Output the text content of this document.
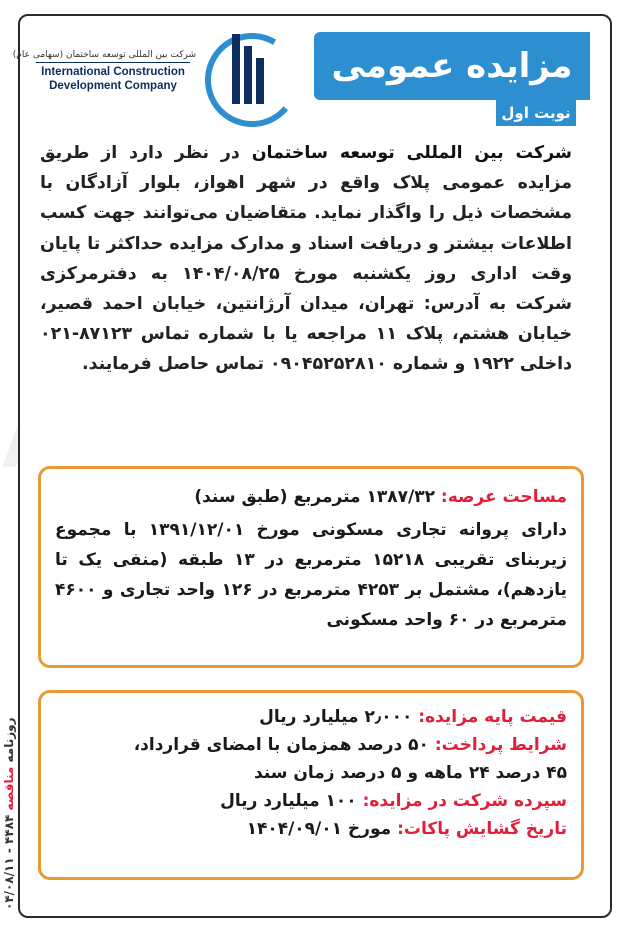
مزایده عمومی
نوبت اول
شرکت بین المللی توسعه ساختمان (سهامی عام)
International Construction
Development Company
شرکت بین المللی توسعه ساختمان در نظر دارد از طریق مزایده عمومی پلاک واقع در شهر اهواز، بلوار آزادگان با مشخصات ذیل را واگذار نماید. متقاضیان می‌توانند جهت کسب اطلاعات بیشتر و دریافت اسناد و مدارک مزایده حداکثر تا پایان وقت اداری روز یکشنبه مورخ ۱۴۰۴/۰۸/۲۵ به دفترمرکزی شرکت به آدرس: تهران، میدان آرژانتین، خیابان احمد قصیر، خیابان هشتم، پلاک ۱۱ مراجعه یا با شماره تماس ۸۷۱۲۳-۰۲۱ داخلی ۱۹۲۲ و شماره ۰۹۰۴۵۲۵۲۸۱۰ تماس حاصل فرمایند.
مساحت عرصه: ۱۳۸۷/۳۲ مترمربع (طبق سند)
دارای پروانه تجاری مسکونی مورخ ۱۳۹۱/۱۲/۰۱ با مجموع زیربنای تقریبی ۱۵۲۱۸ مترمربع در ۱۳ طبقه (منفی یک تا یازدهم)، مشتمل بر ۴۲۵۳ مترمربع در ۱۲۶ واحد تجاری و ۴۶۰۰ مترمربع در ۶۰ واحد مسکونی
قیمت پایه مزایده: ۲٫۰۰۰ میلیارد ریال
شرایط پرداخت: ۵۰ درصد همزمان با امضای قرارداد،
۴۵ درصد ۲۴ ماهه و ۵ درصد زمان سند
سپرده شرکت در مزایده: ۱۰۰ میلیارد ریال
تاریخ گشایش پاکات: مورخ ۱۴۰۴/۰۹/۰۱
روزنامه مناقصه ۴۴۸۴ - ۰۴/۰۸/۱۱
